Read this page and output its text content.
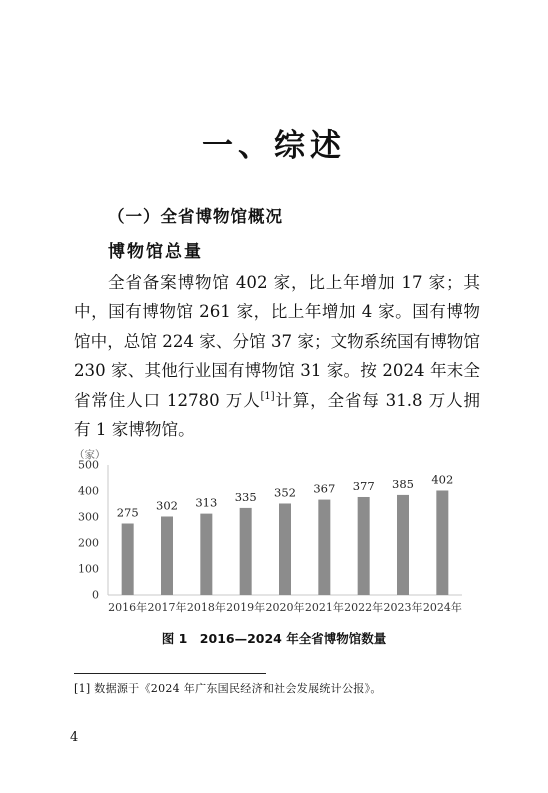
一、综述
（一）全省博物馆概况
博物馆总量

全省备案博物馆 402 家，比上年增加 17 家；其中，国有博物馆 261 家，比上年增加 4 家。国有博物馆中，总馆 224 家、分馆 37 家；文物系统国有博物馆 230 家、其他行业国有博物馆 31 家。按 2024 年末全省常住人口 12780 万人[1]计算，全省每 31.8 万人拥有 1 家博物馆。

（家）
0
100
200
300
400
500
275
2016年
302
2017年
313
2018年
335
2019年
352
2020年
367
2021年
377
2022年
385
2023年
402
2024年

图 1　2016—2024 年全省博物馆数量

[1] 数据源于《2024 年广东国民经济和社会发展统计公报》。

4
